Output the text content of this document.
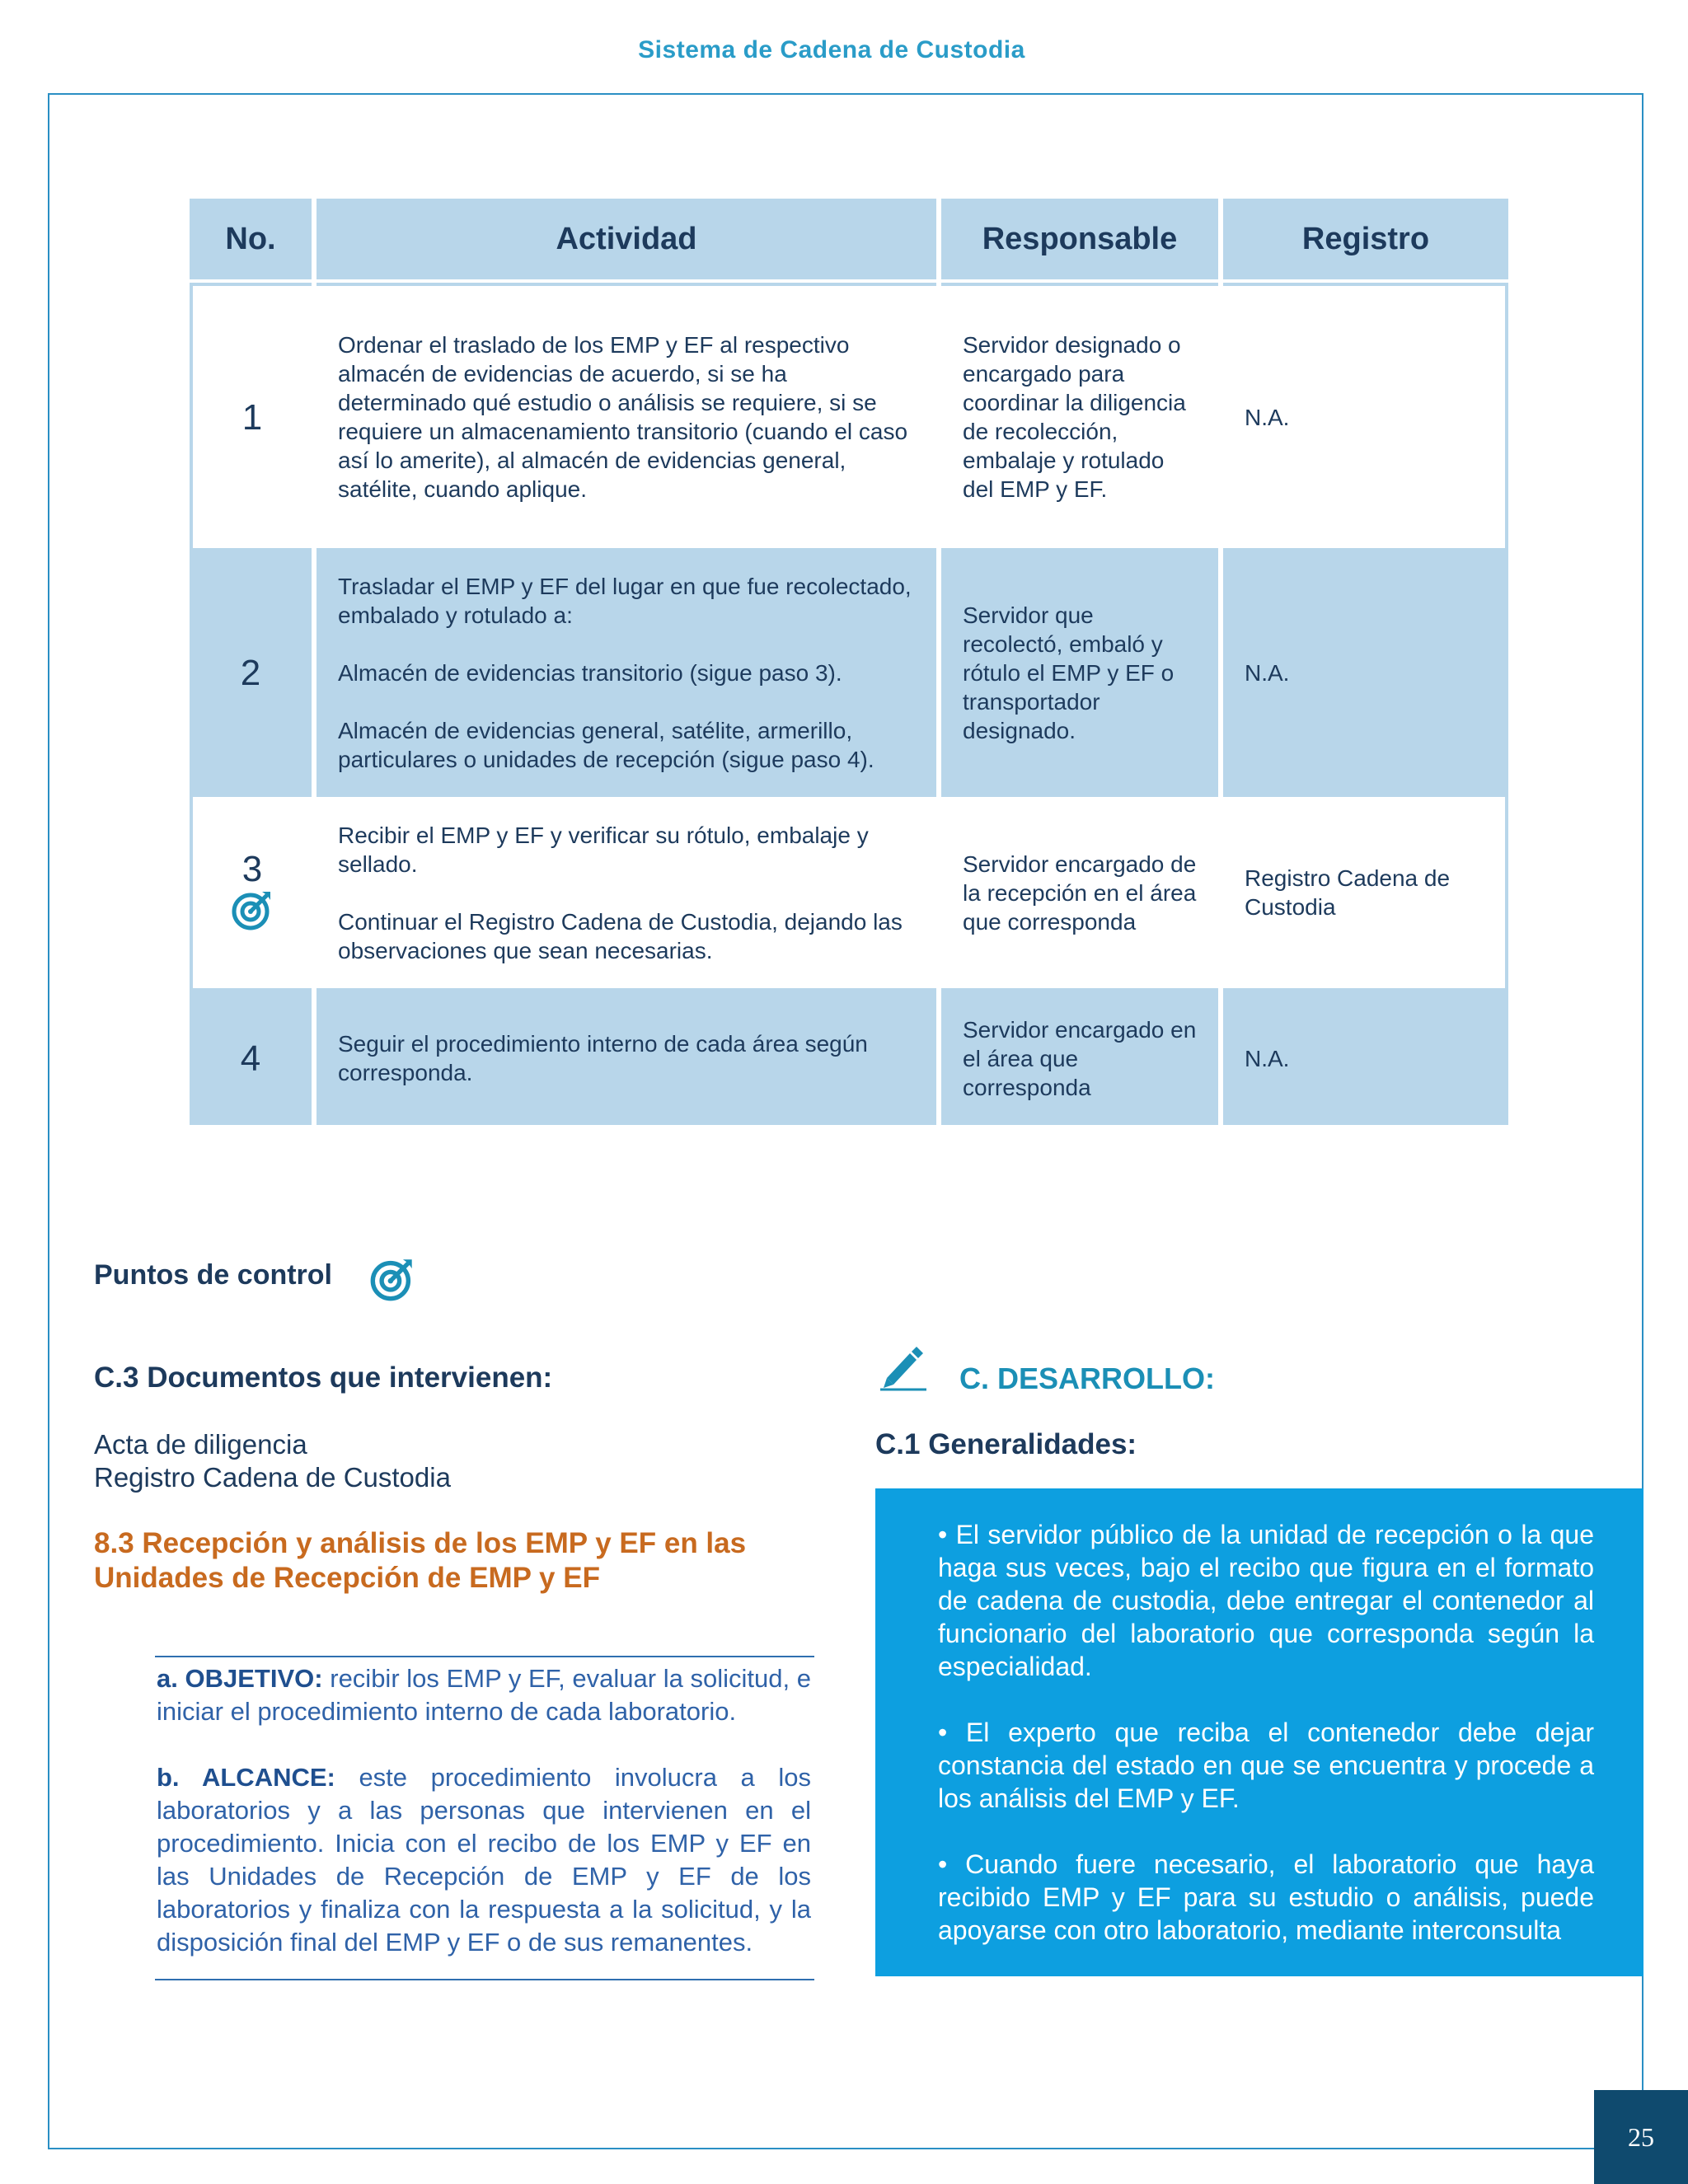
Sistema de Cadena de Custodia
No.	Actividad	Responsable	Registro
1	Ordenar el traslado de los EMP y EF al respectivo almacén de evidencias de acuerdo, si se ha determinado qué estudio o análisis se requiere, si se requiere un almacenamiento transitorio (cuando el caso así lo amerite), al almacén de evidencias general, satélite, cuando aplique.	Servidor designado o encargado para coordinar la diligencia de recolección, embalaje y rotulado del EMP y EF.	N.A.
2	Trasladar el EMP y EF del lugar en que fue recolectado, embalado y rotulado a:

Almacén de evidencias transitorio (sigue paso 3).

Almacén de evidencias general, satélite, armerillo, particulares o unidades de recepción (sigue paso 4).	Servidor que recolectó, embaló y rótulo el EMP y EF o transportador designado.	N.A.

3	Recibir el EMP y EF y verificar su rótulo, embalaje y sellado.

Continuar el Registro Cadena de Custodia, dejando las observaciones que sean necesarias.	Servidor encargado de la recepción en el área que corresponda	Registro Cadena de Custodia
4	Seguir el procedimiento interno de cada área según corresponda.	Servidor encargado en el área que corresponda	N.A.
Puntos de control
C.3 Documentos que intervienen:
Acta de diligencia
Registro Cadena de Custodia
8.3 Recepción y análisis de los EMP y EF en las Unidades de Recepción de EMP y EF

a. OBJETIVO: recibir los EMP y EF, evaluar la solicitud, e iniciar el procedimiento interno de cada laboratorio.

b. ALCANCE: este procedimiento involucra a los laboratorios y a las personas que intervienen en el procedimiento. Inicia con el recibo de los EMP y EF en las Unidades de Recepción de EMP y EF de los laboratorios y finaliza con la respuesta a la solicitud, y la disposición final del EMP y EF o de sus remanentes.

C. DESARROLLO:
C.1 Generalidades:

• El servidor público de la unidad de recepción o la que haga sus veces, bajo el recibo que figura en el formato de cadena de custodia, debe entregar el contenedor al funcionario del laboratorio que corresponda según la especialidad.

• El experto que reciba el contenedor debe dejar constancia del estado en que se encuentra y procede a los análisis del EMP y EF.

• Cuando fuere necesario, el laboratorio que haya recibido EMP y EF para su estudio o análisis, puede apoyarse con otro laboratorio, mediante interconsulta

25
